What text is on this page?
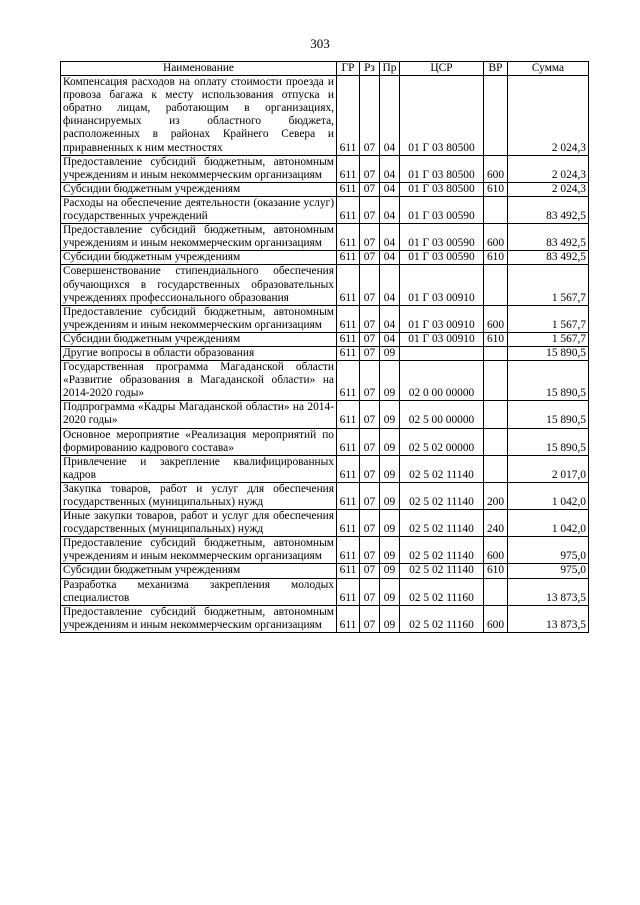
303
Наименование	ГР	Рз	Пр	ЦСР	ВР	Сумма
Компенсация расходов на оплату стоимости проезда и провоза багажа к месту использования отпуска и обратно лицам, работающим в организациях, финансируемых из областного бюджета, расположенных в районах Крайнего Севера и приравненных к ним местностях	611	07	04	01 Г 03 80500		2 024,3
Предоставление субсидий бюджетным, автономным учреждениям и иным некоммерческим организациям	611	07	04	01 Г 03 80500	600	2 024,3
Субсидии бюджетным учреждениям	611	07	04	01 Г 03 80500	610	2 024,3
Расходы на обеспечение деятельности (оказание услуг) государственных учреждений	611	07	04	01 Г 03 00590		83 492,5
Предоставление субсидий бюджетным, автономным учреждениям и иным некоммерческим организациям	611	07	04	01 Г 03 00590	600	83 492,5
Субсидии бюджетным учреждениям	611	07	04	01 Г 03 00590	610	83 492,5
Совершенствование стипендиального обеспечения обучающихся в государственных образовательных учреждениях профессионального образования	611	07	04	01 Г 03 00910		1 567,7
Предоставление субсидий бюджетным, автономным учреждениям и иным некоммерческим организациям	611	07	04	01 Г 03 00910	600	1 567,7
Субсидии бюджетным учреждениям	611	07	04	01 Г 03 00910	610	1 567,7
Другие вопросы в области образования	611	07	09			15 890,5
Государственная программа Магаданской области «Развитие образования в Магаданской области» на 2014-2020 годы»	611	07	09	02 0 00 00000		15 890,5
Подпрограмма «Кадры Магаданской области» на 2014-2020 годы»	611	07	09	02 5 00 00000		15 890,5
Основное мероприятие «Реализация мероприятий по формированию кадрового состава»	611	07	09	02 5 02 00000		15 890,5
Привлечение и закрепление квалифицированных кадров	611	07	09	02 5 02 11140		2 017,0
Закупка товаров, работ и услуг для обеспечения государственных (муниципальных) нужд	611	07	09	02 5 02 11140	200	1 042,0
Иные закупки товаров, работ и услуг для обеспечения государственных (муниципальных) нужд	611	07	09	02 5 02 11140	240	1 042,0
Предоставление субсидий бюджетным, автономным учреждениям и иным некоммерческим организациям	611	07	09	02 5 02 11140	600	975,0
Субсидии бюджетным учреждениям	611	07	09	02 5 02 11140	610	975,0
Разработка механизма закрепления молодых специалистов	611	07	09	02 5 02 11160		13 873,5
Предоставление субсидий бюджетным, автономным учреждениям и иным некоммерческим организациям	611	07	09	02 5 02 11160	600	13 873,5
